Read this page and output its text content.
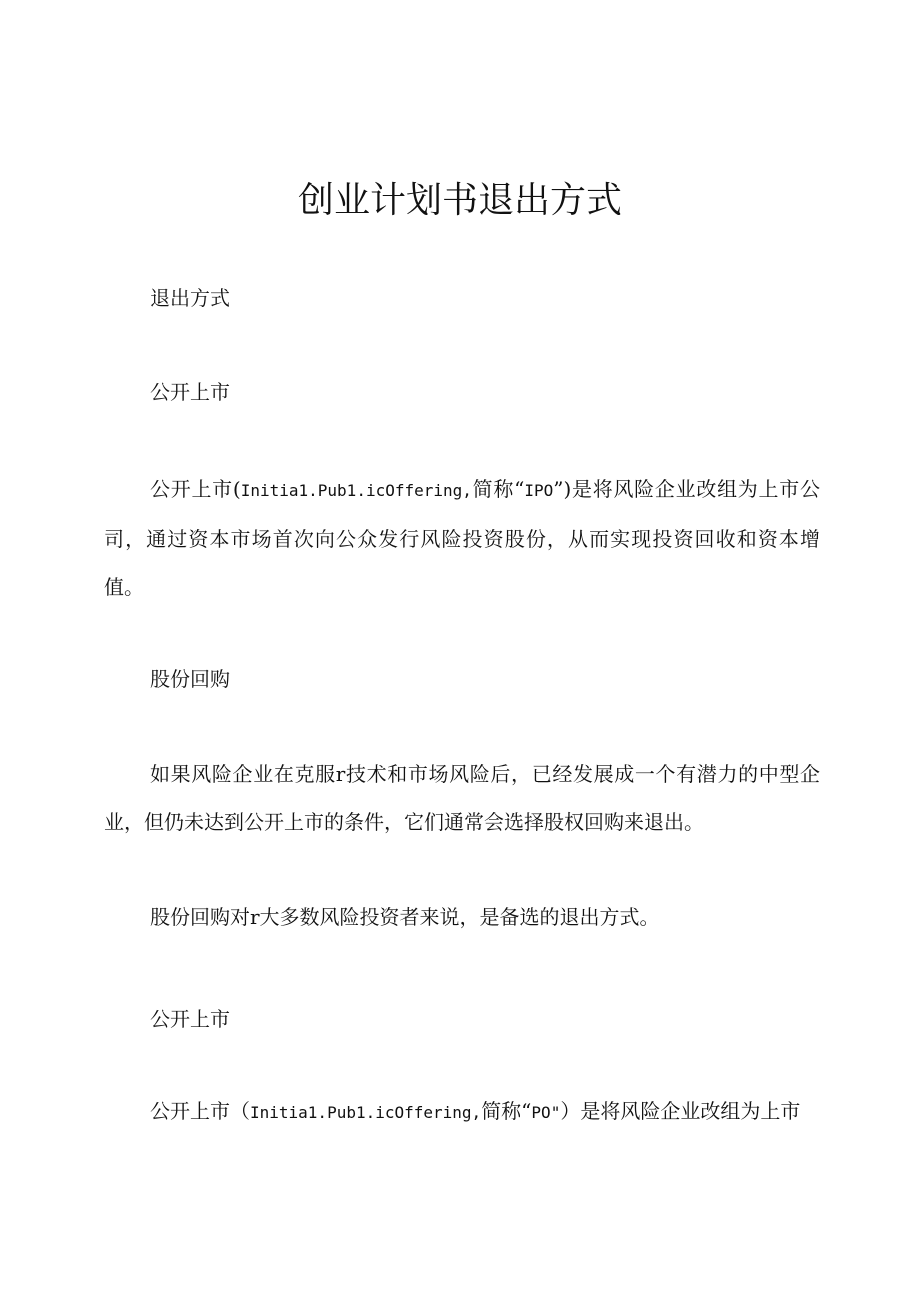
创业计划书退出方式

退出方式

公开上市

公开上市(Initia1.Pub1.icOffering,简称“IPO”)是将风险企业改组为上市公司，通过资本市场首次向公众发行风险投资股份，从而实现投资回收和资本增值。

股份回购

如果风险企业在克服r技术和市场风险后，已经发展成一个有潜力的中型企业，但仍未达到公开上市的条件，它们通常会选择股权回购来退出。

股份回购对r大多数风险投资者来说，是备选的退出方式。

公开上市

公开上市（Initia1.Pub1.icOffering,简称“PO"）是将风险企业改组为上市
